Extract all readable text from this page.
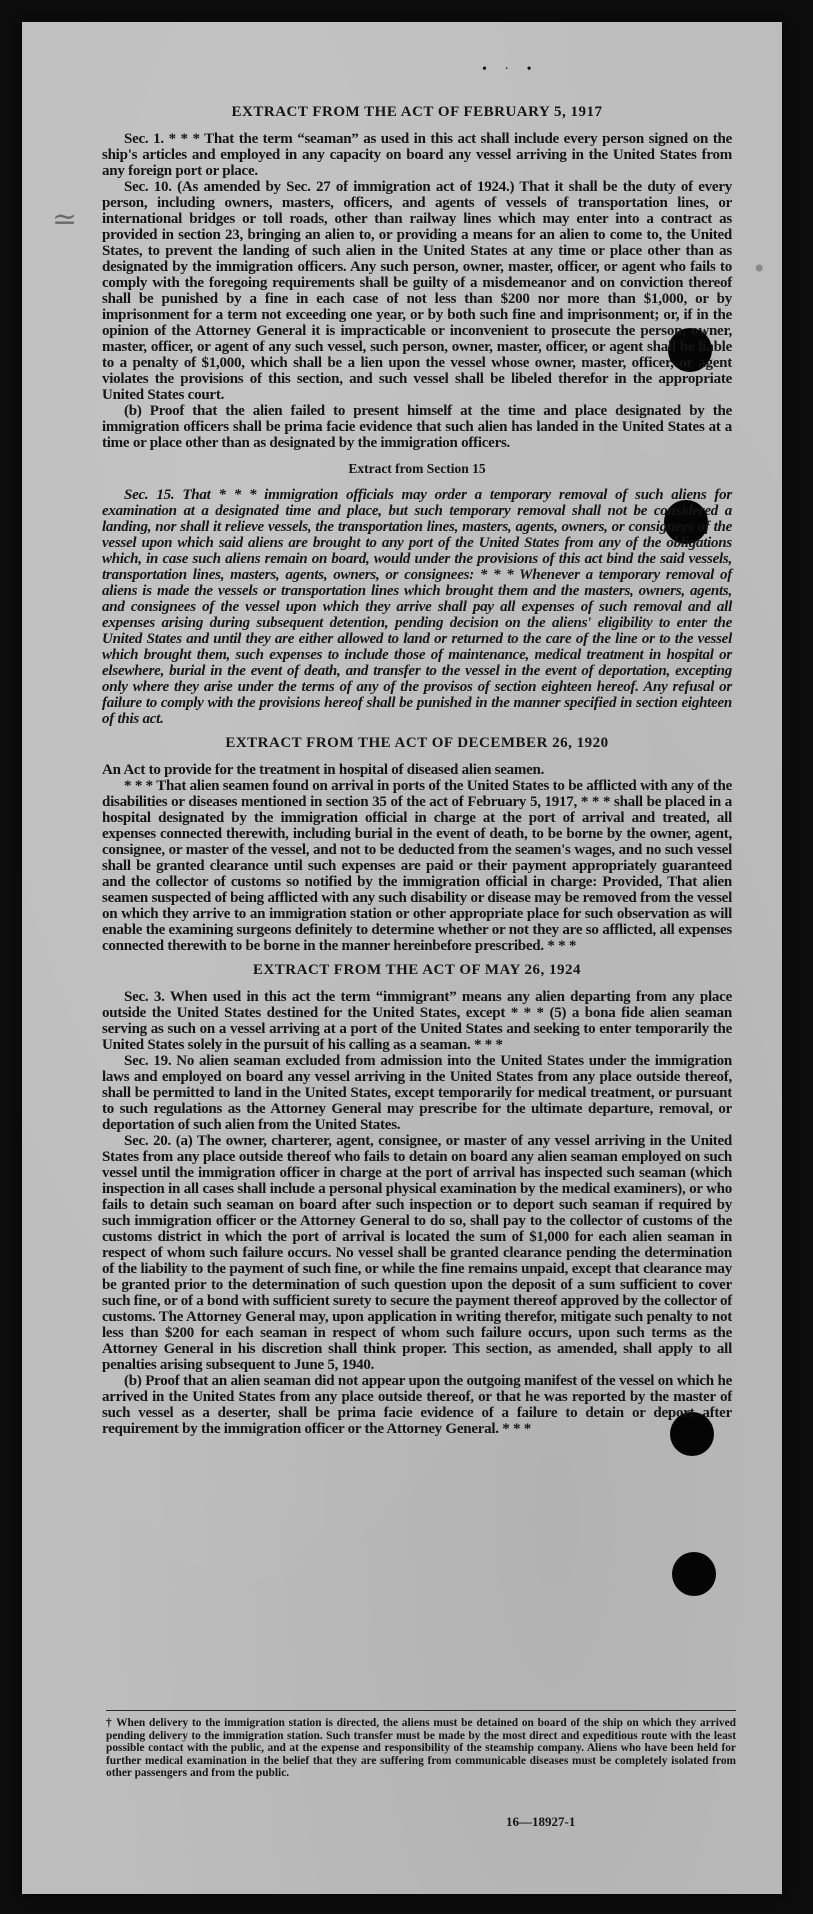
• · •
≃
•
EXTRACT FROM THE ACT OF FEBRUARY 5, 1917

Sec. 1. * * * That the term “seaman” as used in this act shall include every person signed on the ship's articles and employed in any capacity on board any vessel arriving in the United States from any foreign port or place.

Sec. 10. (As amended by Sec. 27 of immigration act of 1924.) That it shall be the duty of every person, including owners, masters, officers, and agents of vessels of transportation lines, or international bridges or toll roads, other than railway lines which may enter into a contract as provided in section 23, bringing an alien to, or providing a means for an alien to come to, the United States, to prevent the landing of such alien in the United States at any time or place other than as designated by the immigration officers. Any such person, owner, master, officer, or agent who fails to comply with the foregoing requirements shall be guilty of a misdemeanor and on conviction thereof shall be punished by a fine in each case of not less than $200 nor more than $1,000, or by imprisonment for a term not exceeding one year, or by both such fine and imprisonment; or, if in the opinion of the Attorney General it is impracticable or inconvenient to prosecute the person, owner, master, officer, or agent of any such vessel, such person, owner, master, officer, or agent shall be liable to a penalty of $1,000, which shall be a lien upon the vessel whose owner, master, officer, or agent violates the provisions of this section, and such vessel shall be libeled therefor in the appropriate United States court.

(b) Proof that the alien failed to present himself at the time and place designated by the immigration officers shall be prima facie evidence that such alien has landed in the United States at a time or place other than as designated by the immigration officers.

Extract from Section 15

Sec. 15. That * * * immigration officials may order a temporary removal of such aliens for examination at a designated time and place, but such temporary removal shall not be considered a landing, nor shall it relieve vessels, the transportation lines, masters, agents, owners, or consignees of the vessel upon which said aliens are brought to any port of the United States from any of the obligations which, in case such aliens remain on board, would under the provisions of this act bind the said vessels, transportation lines, masters, agents, owners, or consignees: * * * Whenever a temporary removal of aliens is made the vessels or transportation lines which brought them and the masters, owners, agents, and consignees of the vessel upon which they arrive shall pay all expenses of such removal and all expenses arising during subsequent detention, pending decision on the aliens' eligibility to enter the United States and until they are either allowed to land or returned to the care of the line or to the vessel which brought them, such expenses to include those of maintenance, medical treatment in hospital or elsewhere, burial in the event of death, and transfer to the vessel in the event of deportation, excepting only where they arise under the terms of any of the provisos of section eighteen hereof. Any refusal or failure to comply with the provisions hereof shall be punished in the manner specified in section eighteen of this act.

EXTRACT FROM THE ACT OF DECEMBER 26, 1920

An Act to provide for the treatment in hospital of diseased alien seamen.

* * * That alien seamen found on arrival in ports of the United States to be afflicted with any of the disabilities or diseases mentioned in section 35 of the act of February 5, 1917, * * * shall be placed in a hospital designated by the immigration official in charge at the port of arrival and treated, all expenses connected therewith, including burial in the event of death, to be borne by the owner, agent, consignee, or master of the vessel, and not to be deducted from the seamen's wages, and no such vessel shall be granted clearance until such expenses are paid or their payment appropriately guaranteed and the collector of customs so notified by the immigration official in charge: Provided, That alien seamen suspected of being afflicted with any such disability or disease may be removed from the vessel on which they arrive to an immigration station or other appropriate place for such observation as will enable the examining surgeons definitely to determine whether or not they are so afflicted, all expenses connected therewith to be borne in the manner hereinbefore prescribed. * * *

EXTRACT FROM THE ACT OF MAY 26, 1924

Sec. 3. When used in this act the term “immigrant” means any alien departing from any place outside the United States destined for the United States, except * * * (5) a bona fide alien seaman serving as such on a vessel arriving at a port of the United States and seeking to enter temporarily the United States solely in the pursuit of his calling as a seaman. * * *

Sec. 19. No alien seaman excluded from admission into the United States under the immigration laws and employed on board any vessel arriving in the United States from any place outside thereof, shall be permitted to land in the United States, except temporarily for medical treatment, or pursuant to such regulations as the Attorney General may prescribe for the ultimate departure, removal, or deportation of such alien from the United States.

Sec. 20. (a) The owner, charterer, agent, consignee, or master of any vessel arriving in the United States from any place outside thereof who fails to detain on board any alien seaman employed on such vessel until the immigration officer in charge at the port of arrival has inspected such seaman (which inspection in all cases shall include a personal physical examination by the medical examiners), or who fails to detain such seaman on board after such inspection or to deport such seaman if required by such immigration officer or the Attorney General to do so, shall pay to the collector of customs of the customs district in which the port of arrival is located the sum of $1,000 for each alien seaman in respect of whom such failure occurs. No vessel shall be granted clearance pending the determination of the liability to the payment of such fine, or while the fine remains unpaid, except that clearance may be granted prior to the determination of such question upon the deposit of a sum sufficient to cover such fine, or of a bond with sufficient surety to secure the payment thereof approved by the collector of customs. The Attorney General may, upon application in writing therefor, mitigate such penalty to not less than $200 for each seaman in respect of whom such failure occurs, upon such terms as the Attorney General in his discretion shall think proper. This section, as amended, shall apply to all penalties arising subsequent to June 5, 1940.

(b) Proof that an alien seaman did not appear upon the outgoing manifest of the vessel on which he arrived in the United States from any place outside thereof, or that he was reported by the master of such vessel as a deserter, shall be prima facie evidence of a failure to detain or deport after requirement by the immigration officer or the Attorney General. * * *

† When delivery to the immigration station is directed, the aliens must be detained on board of the ship on which they arrived pending delivery to the immigration station. Such transfer must be made by the most direct and expeditious route with the least possible contact with the public, and at the expense and responsibility of the steamship company. Aliens who have been held for further medical examination in the belief that they are suffering from communicable diseases must be completely isolated from other passengers and from the public.
16—18927-1
